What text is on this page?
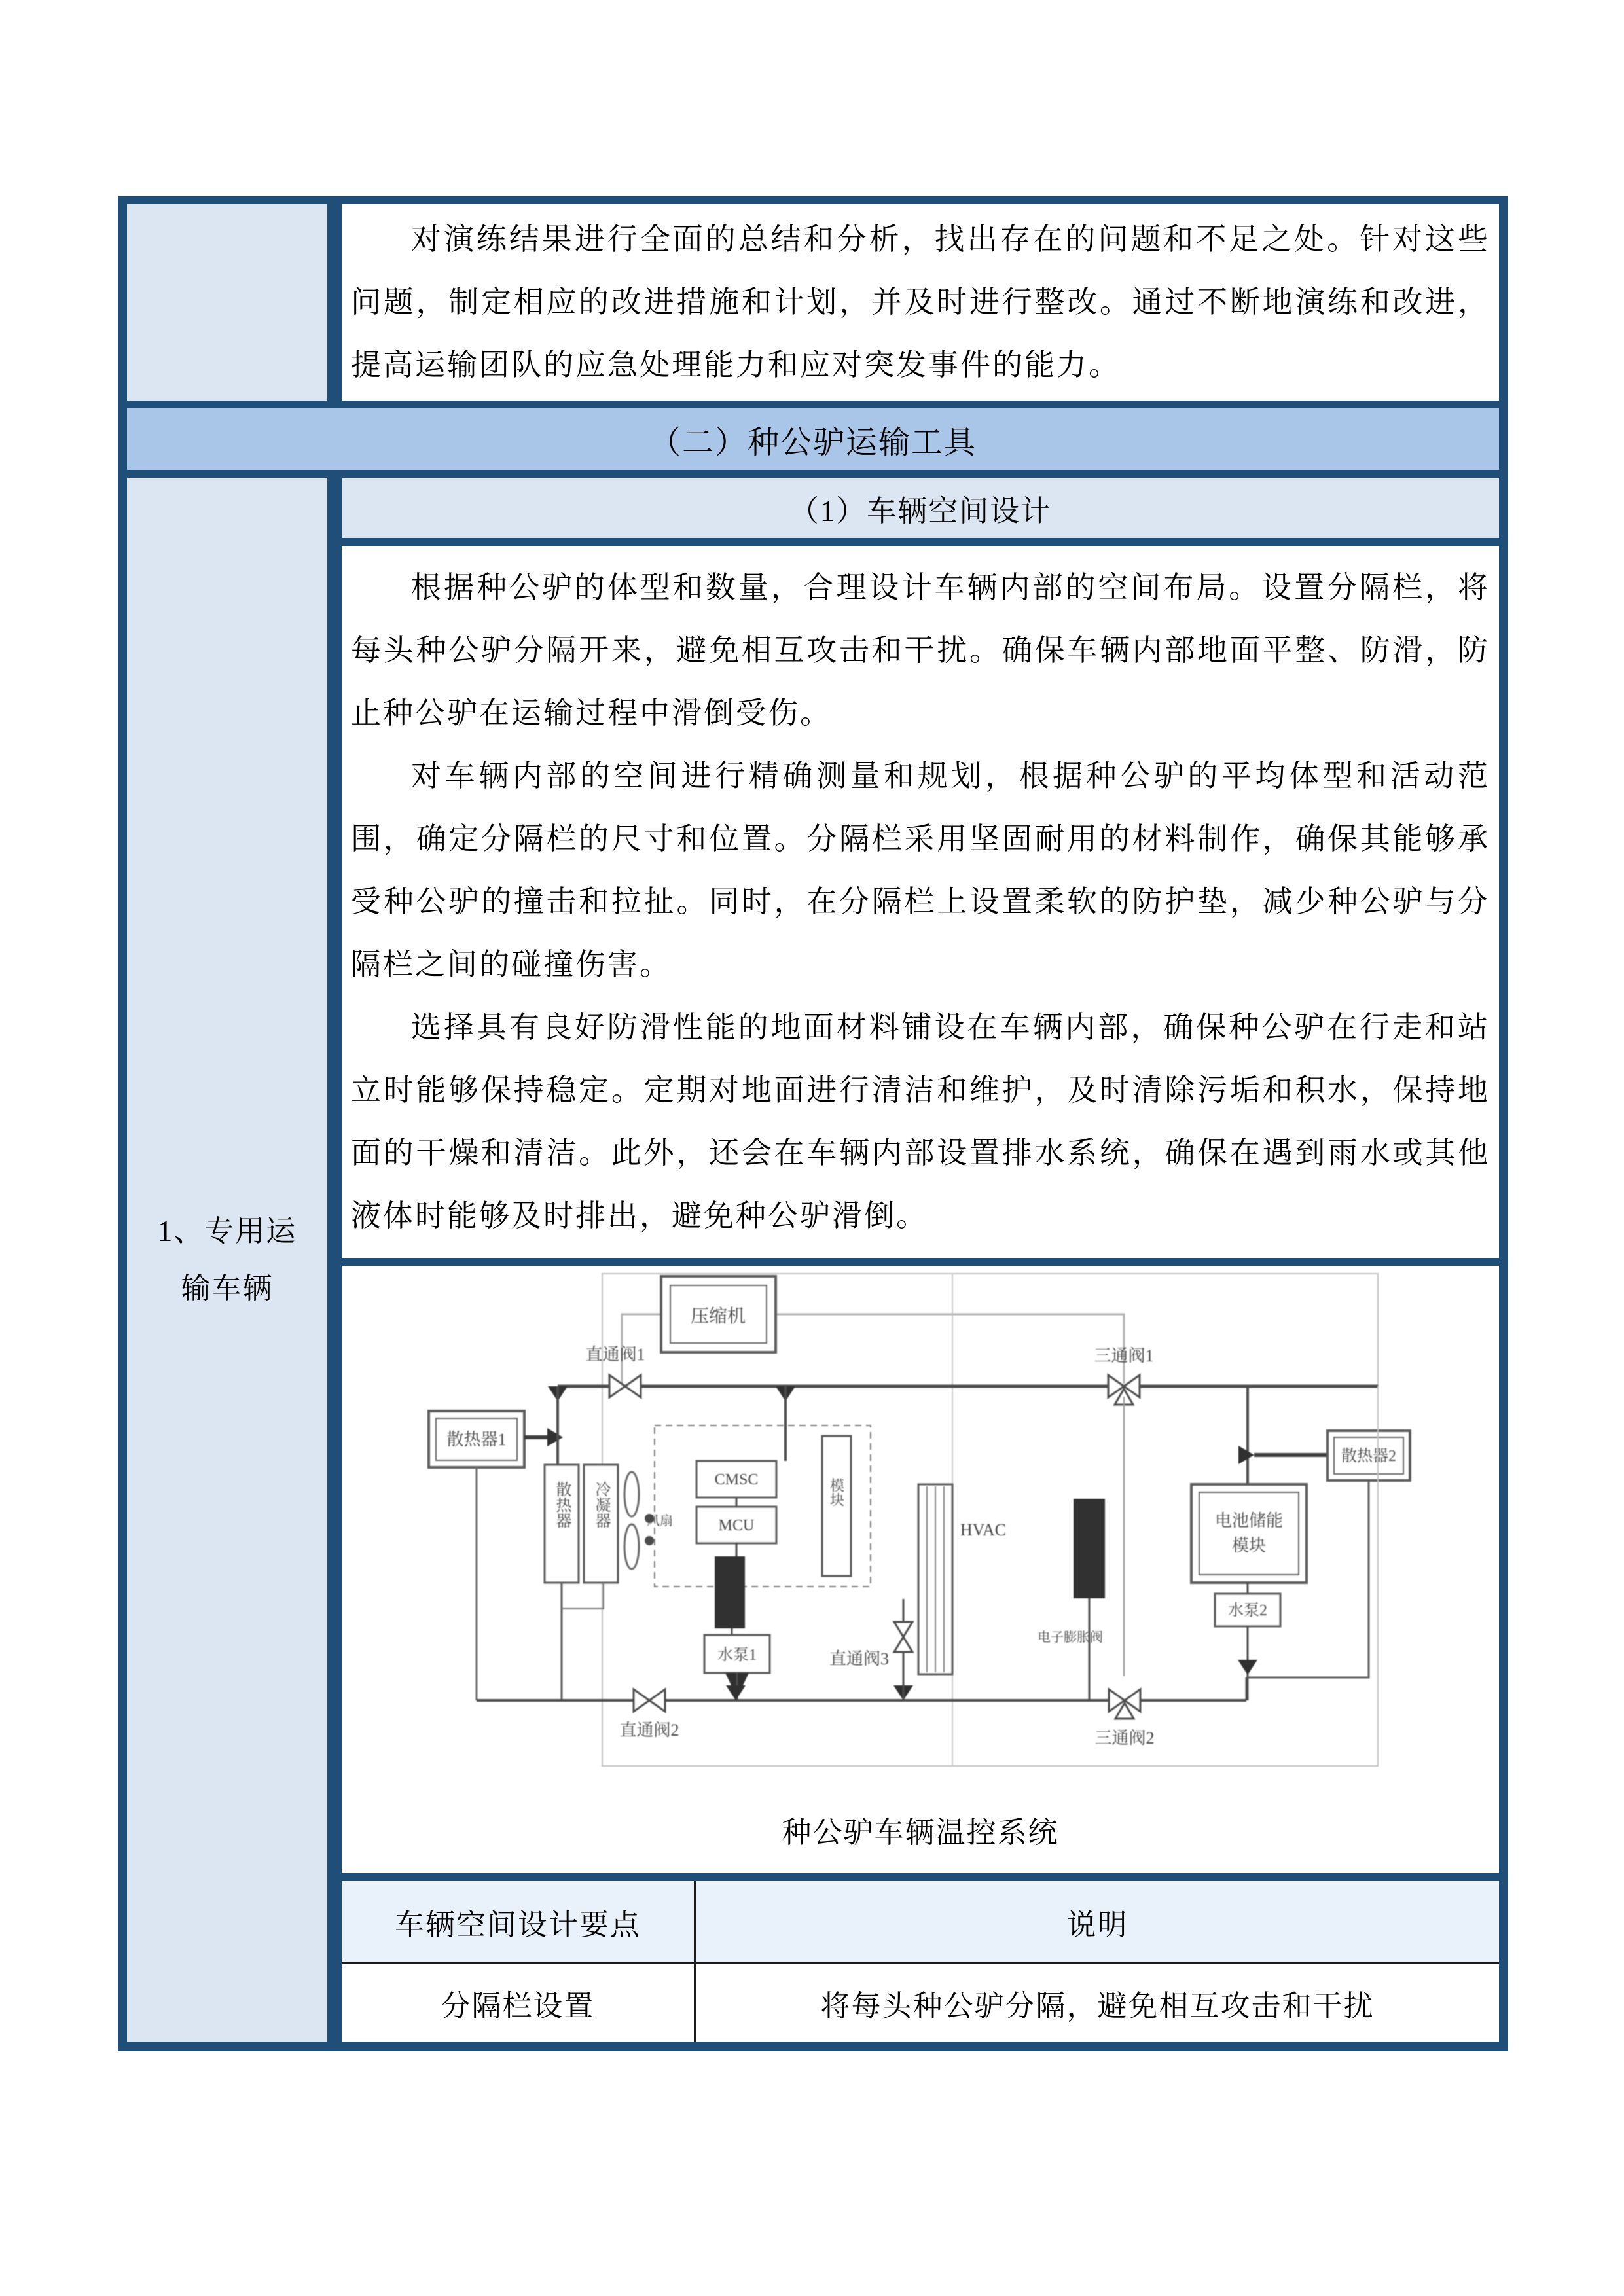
对演练结果进行全面的总结和分析，找出存在的问题和不足之处。针对这些问题，制定相应的改进措施和计划，并及时进行整改。通过不断地演练和改进，提高运输团队的应急处理能力和应对突发事件的能力。

（二）种公驴运输工具
1、专用运输车辆
（1）车辆空间设计

根据种公驴的体型和数量，合理设计车辆内部的空间布局。设置分隔栏，将每头种公驴分隔开来，避免相互攻击和干扰。确保车辆内部地面平整、防滑，防止种公驴在运输过程中滑倒受伤。

对车辆内部的空间进行精确测量和规划，根据种公驴的平均体型和活动范围，确定分隔栏的尺寸和位置。分隔栏采用坚固耐用的材料制作，确保其能够承受种公驴的撞击和拉扯。同时，在分隔栏上设置柔软的防护垫，减少种公驴与分隔栏之间的碰撞伤害。

选择具有良好防滑性能的地面材料铺设在车辆内部，确保种公驴在行走和站立时能够保持稳定。定期对地面进行清洁和维护，及时清除污垢和积水，保持地面的干燥和清洁。此外，还会在车辆内部设置排水系统，确保在遇到雨水或其他液体时能够及时排出，避免种公驴滑倒。

压缩机
直通阀1	三通阀1
散热器1
散热器 冷凝器	风扇
CMSC
MCU
模块
水泵1
直通阀2
直通阀3
HVAC
电子膨胀阀
三通阀2
电池储能
模块
水泵2
散热器2
种公驴车辆温控系统
车辆空间设计要点	说明
分隔栏设置	将每头种公驴分隔，避免相互攻击和干扰
